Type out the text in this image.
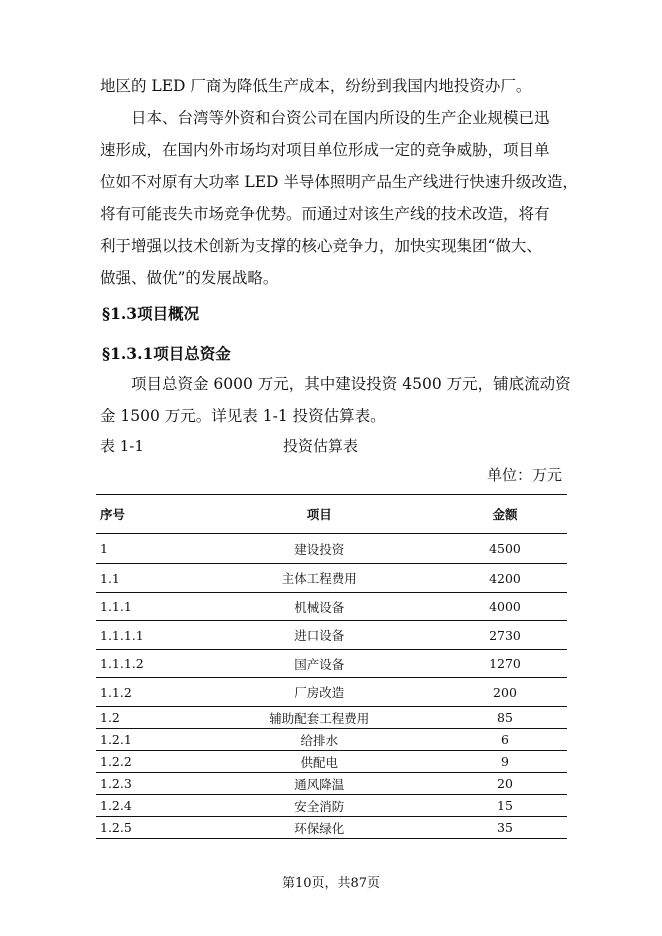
地区的 LED 厂商为降低生产成本，纷纷到我国内地投资办厂。
日本、台湾等外资和台资公司在国内所设的生产企业规模已迅
速形成，在国内外市场均对项目单位形成一定的竞争威胁，项目单
位如不对原有大功率 LED 半导体照明产品生产线进行快速升级改造，
将有可能丧失市场竞争优势。而通过对该生产线的技术改造，将有
利于增强以技术创新为支撑的核心竞争力，加快实现集团“做大、
做强、做优”的发展战略。
§1.3项目概况
§1.3.1项目总资金
项目总资金 6000 万元，其中建设投资 4500 万元，铺底流动资
金 1500 万元。详见表 1-1 投资估算表。
表 1-1	投资估算表
单位：万元
序号	项目	金额
1	建设投资	4500
1.1	主体工程费用	4200
1.1.1	机械设备	4000
1.1.1.1	进口设备	2730
1.1.1.2	国产设备	1270
1.1.2	厂房改造	200
1.2	辅助配套工程费用	85
1.2.1	给排水	6
1.2.2	供配电	9
1.2.3	通风降温	20
1.2.4	安全消防	15
1.2.5	环保绿化	35
第10页，共87页
